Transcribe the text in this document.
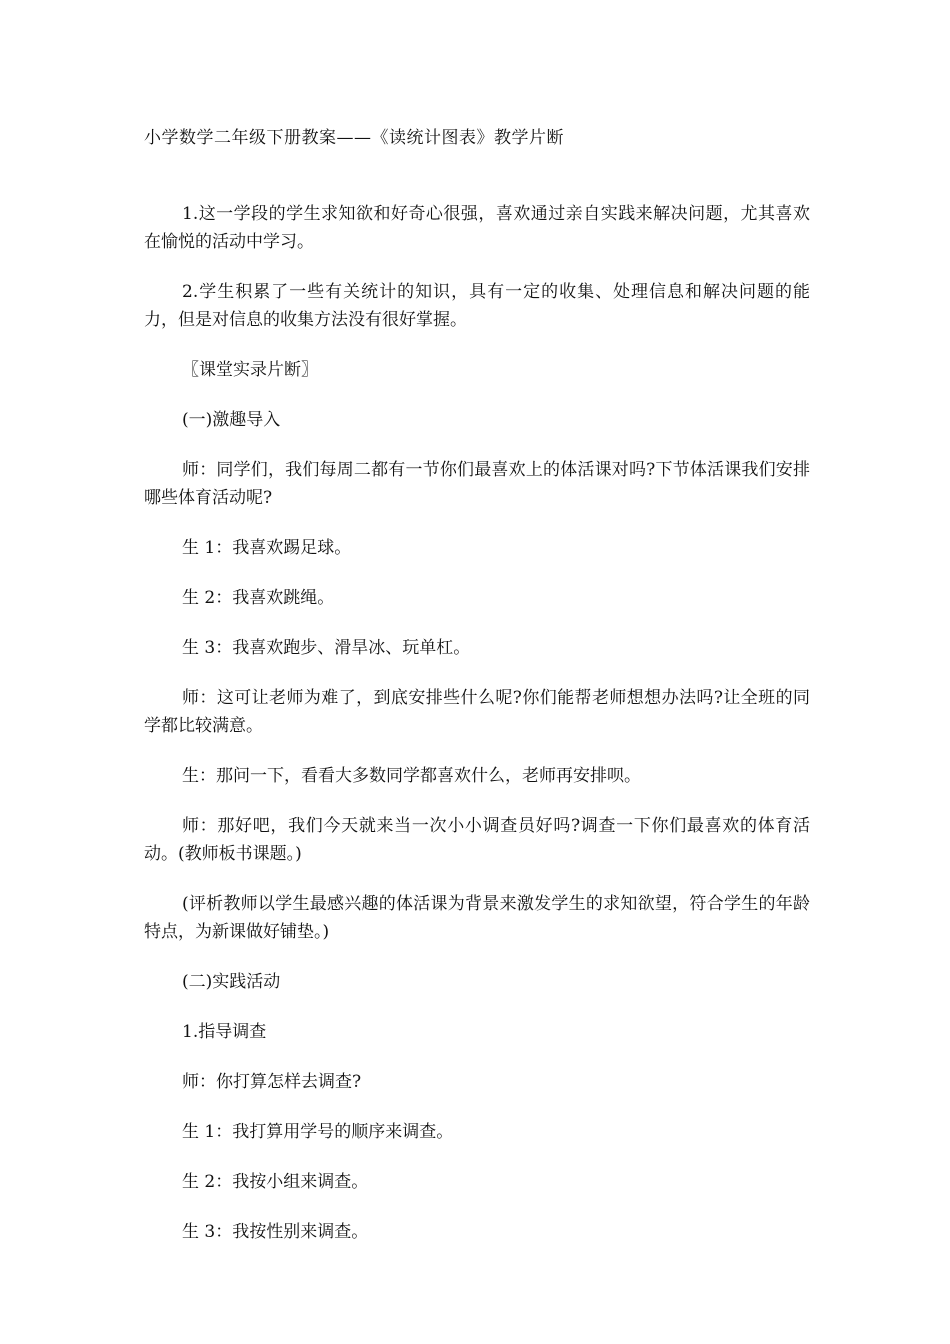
小学数学二年级下册教案——《读统计图表》教学片断

1.这一学段的学生求知欲和好奇心很强，喜欢通过亲自实践来解决问题，尤其喜欢在愉悦的活动中学习。

2.学生积累了一些有关统计的知识，具有一定的收集、处理信息和解决问题的能力，但是对信息的收集方法没有很好掌握。

〖课堂实录片断〗

(一)激趣导入

师：同学们，我们每周二都有一节你们最喜欢上的体活课对吗?下节体活课我们安排哪些体育活动呢?

生 1：我喜欢踢足球。

生 2：我喜欢跳绳。

生 3：我喜欢跑步、滑旱冰、玩单杠。

师：这可让老师为难了，到底安排些什么呢?你们能帮老师想想办法吗?让全班的同学都比较满意。

生：那问一下，看看大多数同学都喜欢什么，老师再安排呗。

师：那好吧，我们今天就来当一次小小调查员好吗?调查一下你们最喜欢的体育活动。(教师板书课题。)

(评析教师以学生最感兴趣的体活课为背景来激发学生的求知欲望，符合学生的年龄特点，为新课做好铺垫。)

(二)实践活动

1.指导调查

师：你打算怎样去调查?

生 1：我打算用学号的顺序来调查。

生 2：我按小组来调查。

生 3：我按性别来调查。
